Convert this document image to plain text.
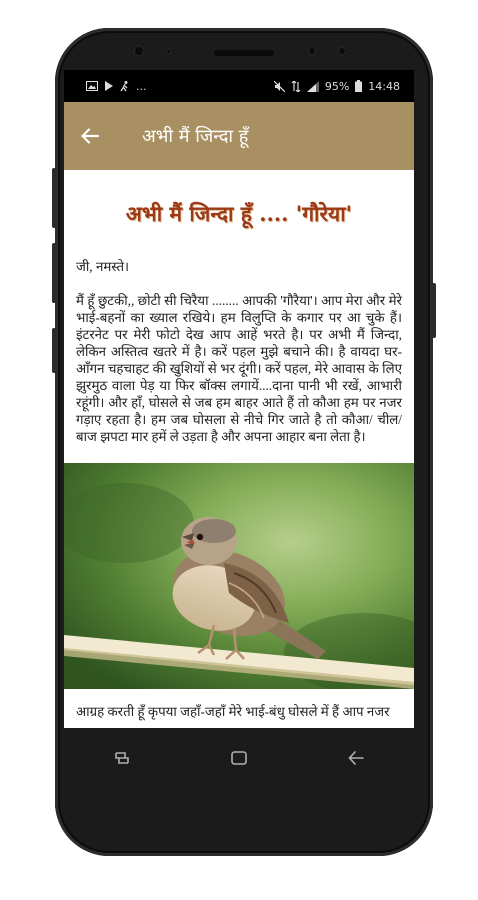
...	95% 14:48
अभी मैं जिन्दा हूँ
अभी मैं जिन्दा हूँ .... 'गौरेया'

जी, नमस्ते।

मैं हूँ छुटकी,, छोटी सी चिरैया ........ आपकी 'गौरैया'। आप मेरा और मेरे भाई-बहनों का ख्याल रखिये। हम विलुप्ति के कगार पर आ चुके हैं। इंटरनेट पर मेरी फोटो देख आप आहें भरते है। पर अभी मैं जिन्दा, लेकिन अस्तित्व खतरे में है। करें पहल मुझे बचाने की। है वायदा घर-आँगन चहचाहट की खुशियों से भर दूंगी। करें पहल, मेरे आवास के लिए झुरमुठ वाला पेड़ या फिर बॉक्स लगायें....दाना पानी भी रखें, आभारी रहूंगी। और हाँ, घोसले से जब हम बाहर आते हैं तो कौआ हम पर नजर गड़ाए रहता है। हम जब घोसला से नीचे गिर जाते है तो कौआ/ चील/ बाज झपटा मार हमें ले उड़ता है और अपना आहार बना लेता है।

आग्रह करती हूँ कृपया जहाँ-जहाँ मेरे भाई-बंधु घोसले में हैं आप नजर
